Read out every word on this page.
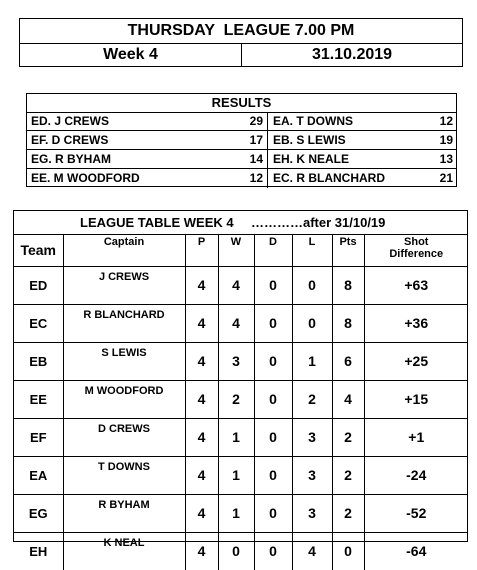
THURSDAY  LEAGUE 7.00 PM
Week 4	31.10.2019
RESULTS
ED. J CREWS	29 EA. T DOWNS	12
EF. D CREWS	17 EB. S LEWIS	19
EG. R BYHAM	14 EH. K NEALE	13
EE. M WOODFORD	12 EC. R BLANCHARD	21
LEAGUE TABLE WEEK 4 …………after 31/10/19
Team	Captain	P	W	D	L	Pts	Shot
Difference
ED	J CREWS	4	4	0	0	8	+63
EC	R BLANCHARD	4	4	0	0	8	+36
EB	S LEWIS	4	3	0	1	6	+25
EE	M WOODFORD	4	2	0	2	4	+15
EF	D CREWS	4	1	0	3	2	+1
EA	T DOWNS	4	1	0	3	2	-24
EG	R BYHAM	4	1	0	3	2	-52
EH	K NEAL	4	0	0	4	0	-64
